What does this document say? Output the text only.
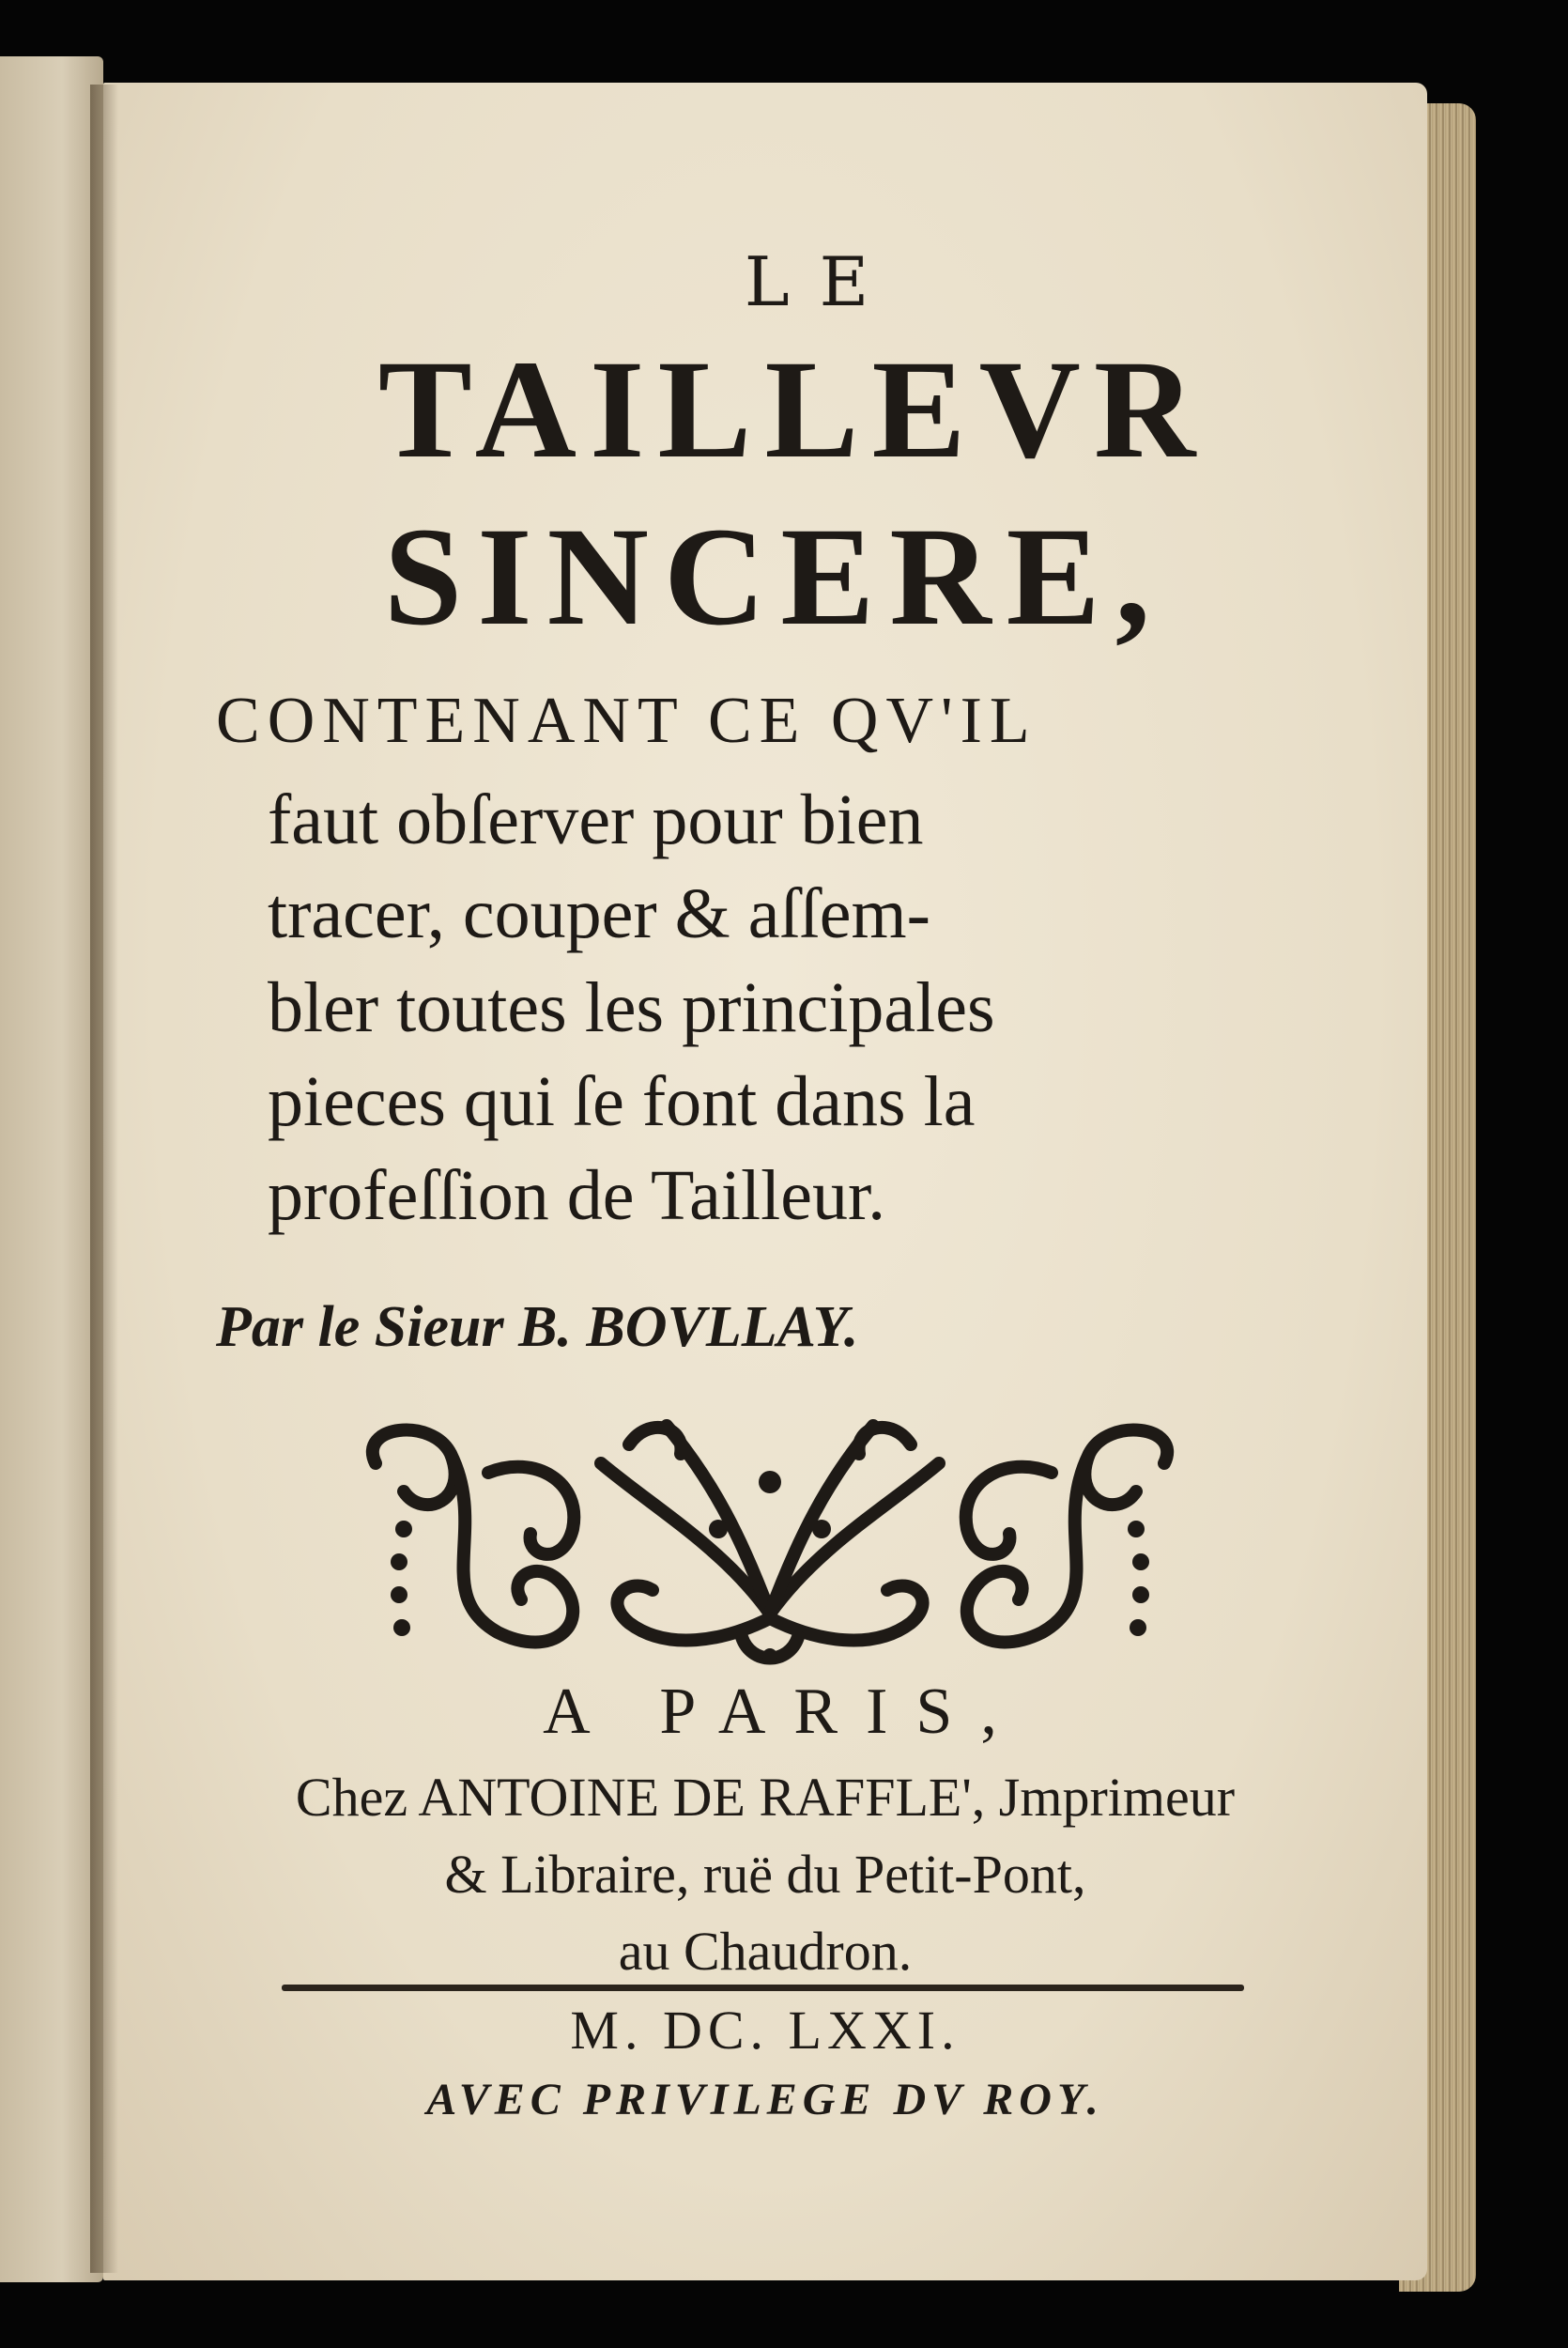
LE

TAILLEVR

SINCERE,

CONTENANT CE QV'IL

faut obſerver pour bien

tracer, couper & aſſem-

bler toutes les principales

pieces qui ſe font dans la

profeſſion de Tailleur.

Par le Sieur B. BOVLLAY.

A PARIS,

Chez ANTOINE DE RAFFLE', Jmprimeur

& Libraire, ruë du Petit-Pont,

au Chaudron.

M. DC. LXXI.

AVEC PRIVILEGE DV ROY.
